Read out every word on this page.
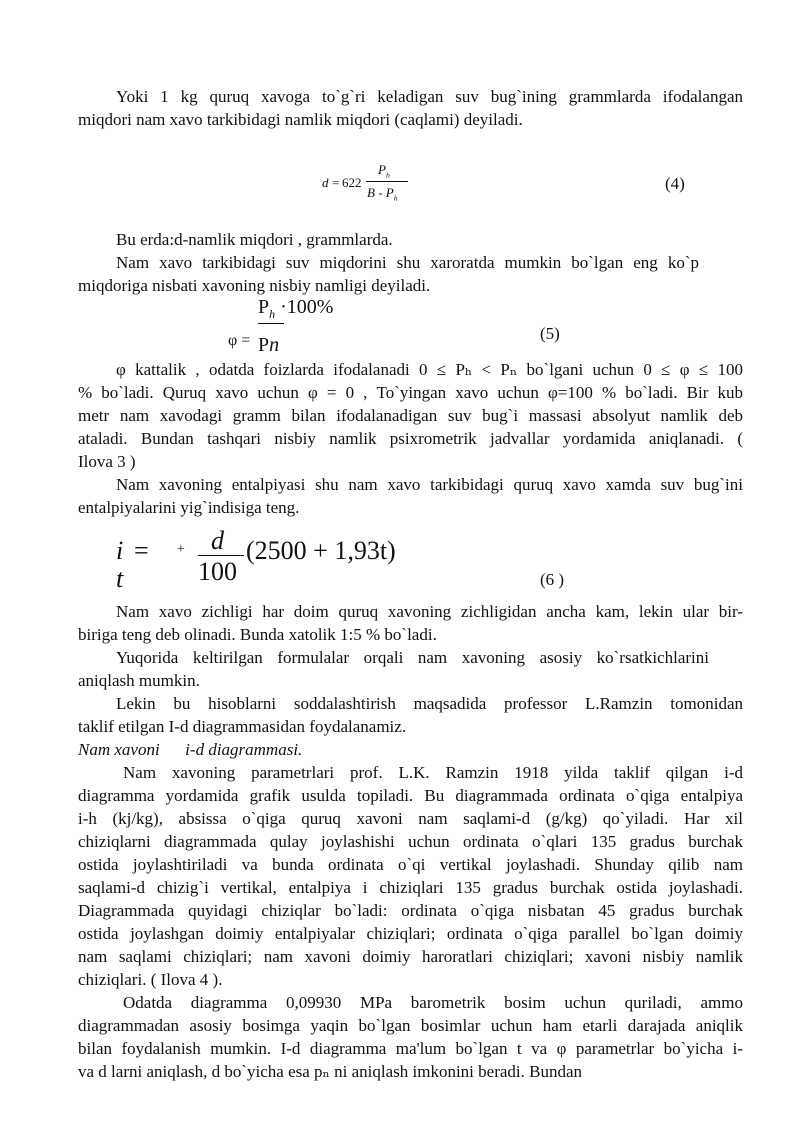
Yoki 1 kg quruq xavoga to`g`ri keladigan suv bug`ining grammlarda ifodalangan
miqdori nam xavo tarkibidagi namlik miqdori (caqlami) deyiladi.
d = 622
$P_h$
B - $P_h$
(4)
Bu erda:d-namlik miqdori , grammlarda.
Nam xavo tarkibidagi suv miqdorini shu xaroratda mumkin bo`lgan eng ko`p
miqdoriga nisbati xavoning nisbiy namligi deyiladi.
φ =
$P_h \cdot 100\%$
Pn
(5)
φ kattalik , odatda foizlarda ifodalanadi 0 ≤ Pₕ < Pₙ bo`lgani uchun 0 ≤ φ ≤ 100
% bo`ladi. Quruq xavo uchun φ = 0 , To`yingan xavo uchun φ=100 % bo`ladi. Bir kub
metr nam xavodagi gramm bilan ifodalanadigan suv bug`i massasi absolyut namlik deb
ataladi. Bundan tashqari nisbiy namlik psixrometrik jadvallar yordamida aniqlanadi. (
Ilova 3 )
Nam xavoning entalpiyasi shu nam xavo tarkibidagi quruq xavo xamda suv bug`ini
entalpiyalarini yig`indisiga teng.
i =
t
+ d
100
(2500 + 1,93t)
(6 )
Nam xavo zichligi har doim quruq xavoning zichligidan ancha kam, lekin ular bir-
biriga teng deb olinadi. Bunda xatolik 1:5 % bo`ladi.
Yuqorida keltirilgan formulalar orqali nam xavoning asosiy ko`rsatkichlarini
aniqlash mumkin.
Lekin bu hisoblarni soddalashtirish maqsadida professor L.Ramzin tomonidan
taklif etilgan I-d diagrammasidan foydalanamiz.
Nam xavoni      i-d diagrammasi.
Nam xavoning parametrlari prof. L.K. Ramzin 1918 yilda taklif qilgan i-d
diagramma yordamida grafik usulda topiladi. Bu diagrammada ordinata o`qiga entalpiya
i-h (kj/kg), absissa o`qiga quruq xavoni nam saqlami-d (g/kg) qo`yiladi. Har xil
chiziqlarni diagrammada qulay joylashishi uchun ordinata o`qlari 135 gradus burchak
ostida joylashtiriladi va bunda ordinata o`qi vertikal joylashadi. Shunday qilib nam
saqlami-d chizig`i vertikal, entalpiya i chiziqlari 135 gradus burchak ostida joylashadi.
Diagrammada quyidagi chiziqlar bo`ladi: ordinata o`qiga nisbatan 45 gradus burchak
ostida joylashgan doimiy entalpiyalar chiziqlari; ordinata o`qiga parallel bo`lgan doimiy
nam saqlami chiziqlari; nam xavoni doimiy haroratlari chiziqlari; xavoni nisbiy namlik
chiziqlari. ( Ilova 4 ).
Odatda diagramma 0,09930 MPa barometrik bosim uchun quriladi, ammo
diagrammadan asosiy bosimga yaqin bo`lgan bosimlar uchun ham etarli darajada aniqlik
bilan foydalanish mumkin. I-d diagramma ma'lum bo`lgan t va φ parametrlar bo`yicha i-
va d larni aniqlash, d bo`yicha esa pₙ ni aniqlash imkonini beradi. Bundan
